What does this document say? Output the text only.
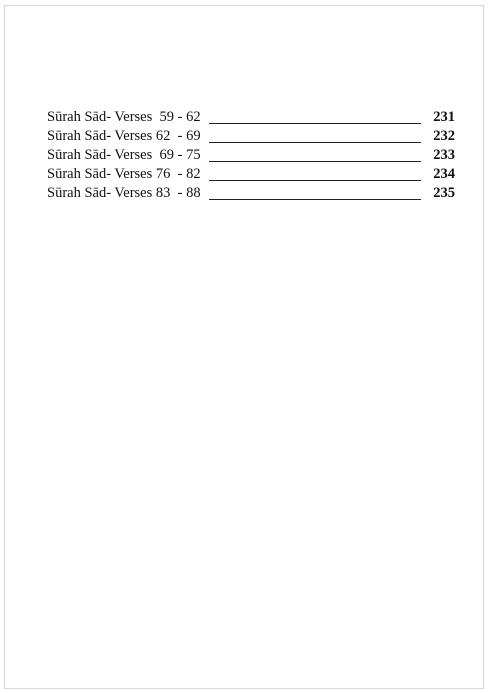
Sūrah Sād- Verses  59 - 62	231
Sūrah Sād- Verses 62  - 69	232
Sūrah Sād- Verses  69 - 75	233
Sūrah Sād- Verses 76  - 82	234
Sūrah Sād- Verses 83  - 88	235
